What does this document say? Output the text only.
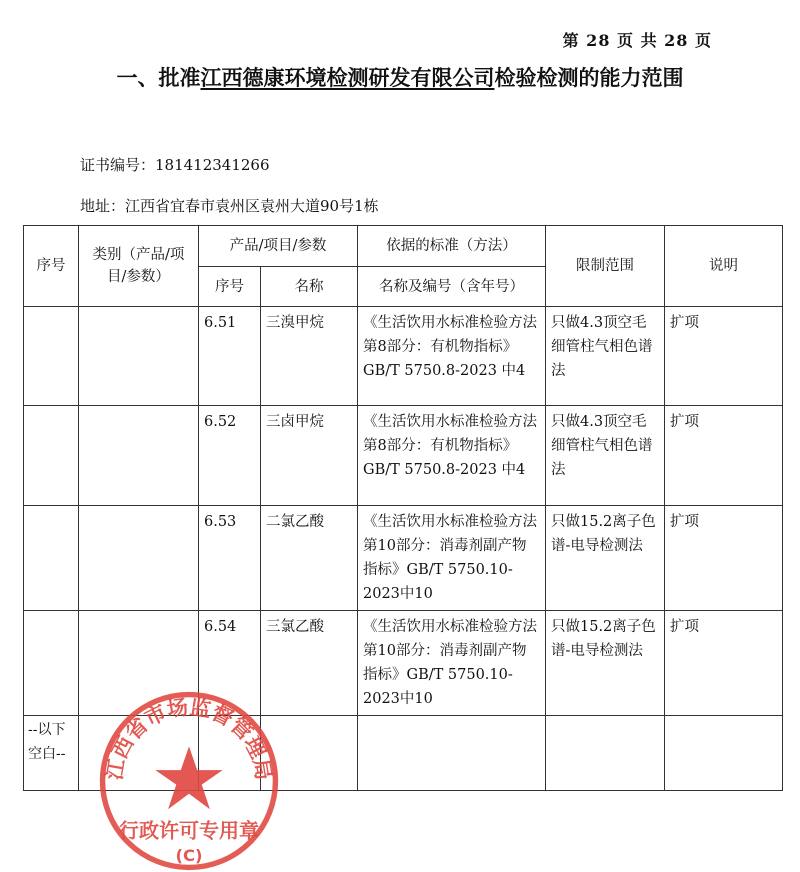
第 28 页 共 28 页
一、批准江西德康环境检测研发有限公司检验检测的能力范围
证书编号：181412341266
地址：江西省宜春市袁州区袁州大道90号1栋
序号	类别（产品/项目/参数）	产品/项目/参数		依据的标准（方法）	限制范围	说明
		序号	名称	名称及编号（含年号）		
		6.51	三溴甲烷	《生活饮用水标准检验方法 第8部分：有机物指标》GB/T 5750.8-2023 中4	只做4.3顶空毛细管柱气相色谱法	扩项
		6.52	三卤甲烷	《生活饮用水标准检验方法 第8部分：有机物指标》GB/T 5750.8-2023 中4	只做4.3顶空毛细管柱气相色谱法	扩项
		6.53	二氯乙酸	《生活饮用水标准检验方法 第10部分：消毒剂副产物指标》GB/T 5750.10-2023中10	只做15.2离子色谱-电导检测法	扩项
		6.54	三氯乙酸	《生活饮用水标准检验方法 第10部分：消毒剂副产物指标》GB/T 5750.10-2023中10	只做15.2离子色谱-电导检测法	扩项
--以下空白--						
江西省市场监督管理局
行政许可专用章
(C)
